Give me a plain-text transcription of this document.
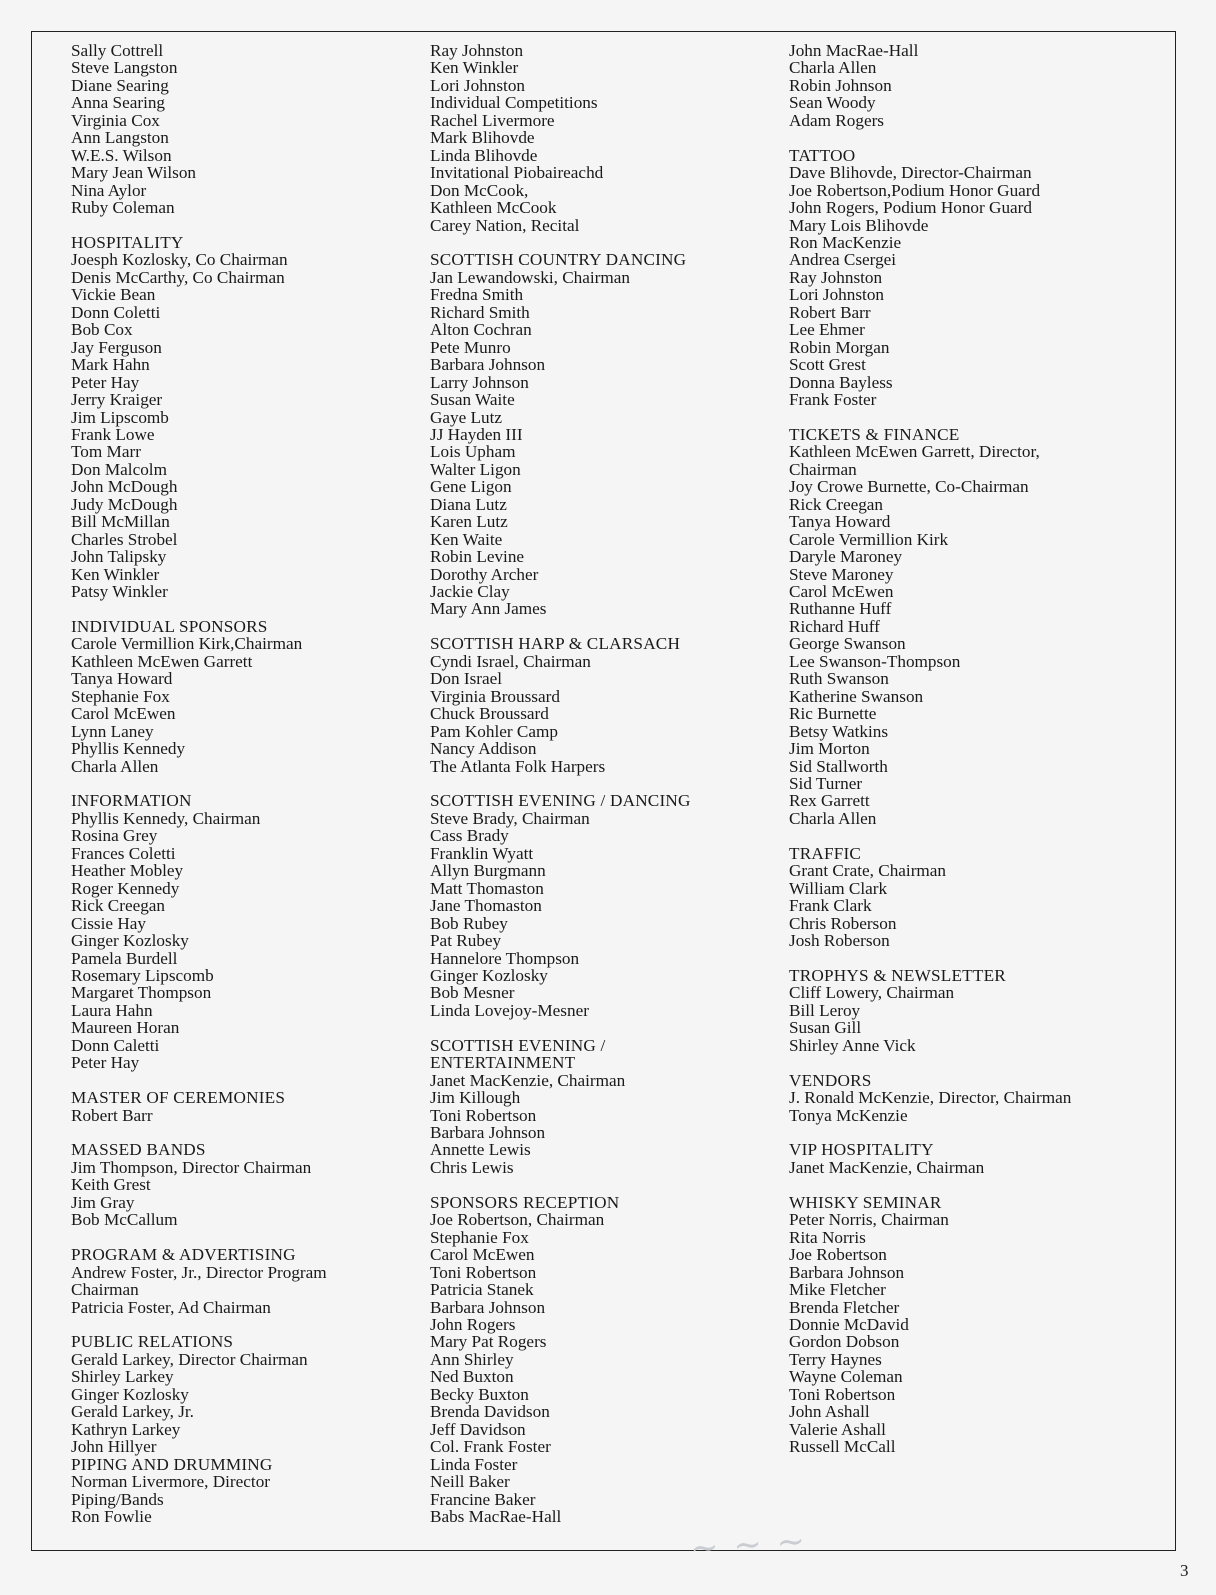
Sally Cottrell
Steve Langston
Diane Searing
Anna Searing
Virginia Cox
Ann Langston
W.E.S. Wilson
Mary Jean Wilson
Nina Aylor
Ruby Coleman
HOSPITALITY
Joesph Kozlosky, Co Chairman
Denis McCarthy, Co Chairman
Vickie Bean
Donn Coletti
Bob Cox
Jay Ferguson
Mark Hahn
Peter Hay
Jerry Kraiger
Jim Lipscomb
Frank Lowe
Tom Marr
Don Malcolm
John McDough
Judy McDough
Bill McMillan
Charles Strobel
John Talipsky
Ken Winkler
Patsy Winkler
INDIVIDUAL SPONSORS
Carole Vermillion Kirk,Chairman
Kathleen McEwen Garrett
Tanya Howard
Stephanie Fox
Carol McEwen
Lynn Laney
Phyllis Kennedy
Charla Allen
INFORMATION
Phyllis Kennedy, Chairman
Rosina Grey
Frances Coletti
Heather Mobley
Roger Kennedy
Rick Creegan
Cissie Hay
Ginger Kozlosky
Pamela Burdell
Rosemary Lipscomb
Margaret Thompson
Laura Hahn
Maureen Horan
Donn Caletti
Peter Hay
MASTER OF CEREMONIES
Robert Barr
MASSED BANDS
Jim Thompson, Director Chairman
Keith Grest
Jim Gray
Bob McCallum
PROGRAM & ADVERTISING
Andrew Foster, Jr., Director Program
Chairman
Patricia Foster, Ad Chairman
PUBLIC RELATIONS
Gerald Larkey, Director Chairman
Shirley Larkey
Ginger Kozlosky
Gerald Larkey, Jr.
Kathryn Larkey
John Hillyer
PIPING AND DRUMMING
Norman Livermore, Director
Piping/Bands
Ron Fowlie
Ray Johnston
Ken Winkler
Lori Johnston
Individual Competitions
Rachel Livermore
Mark Blihovde
Linda Blihovde
Invitational Piobaireachd
Don McCook,
Kathleen McCook
Carey Nation, Recital
SCOTTISH COUNTRY DANCING
Jan Lewandowski, Chairman
Fredna Smith
Richard Smith
Alton Cochran
Pete Munro
Barbara Johnson
Larry Johnson
Susan Waite
Gaye Lutz
JJ Hayden III
Lois Upham
Walter Ligon
Gene Ligon
Diana Lutz
Karen Lutz
Ken Waite
Robin Levine
Dorothy Archer
Jackie Clay
Mary Ann James
SCOTTISH HARP & CLARSACH
Cyndi Israel, Chairman
Don Israel
Virginia Broussard
Chuck Broussard
Pam Kohler Camp
Nancy Addison
The Atlanta Folk Harpers
SCOTTISH EVENING / DANCING
Steve Brady, Chairman
Cass Brady
Franklin Wyatt
Allyn Burgmann
Matt Thomaston
Jane Thomaston
Bob Rubey
Pat Rubey
Hannelore Thompson
Ginger Kozlosky
Bob Mesner
Linda Lovejoy-Mesner
SCOTTISH EVENING /
ENTERTAINMENT
Janet MacKenzie, Chairman
Jim Killough
Toni Robertson
Barbara Johnson
Annette Lewis
Chris Lewis
SPONSORS RECEPTION
Joe Robertson, Chairman
Stephanie Fox
Carol McEwen
Toni Robertson
Patricia Stanek
Barbara Johnson
John Rogers
Mary Pat Rogers
Ann Shirley
Ned Buxton
Becky Buxton
Brenda Davidson
Jeff Davidson
Col. Frank Foster
Linda Foster
Neill Baker
Francine Baker
Babs MacRae-Hall
John MacRae-Hall
Charla Allen
Robin Johnson
Sean Woody
Adam Rogers
TATTOO
Dave Blihovde, Director-Chairman
Joe Robertson,Podium Honor Guard
John Rogers, Podium Honor Guard
Mary Lois Blihovde
Ron MacKenzie
Andrea Csergei
Ray Johnston
Lori Johnston
Robert Barr
Lee Ehmer
Robin Morgan
Scott Grest
Donna Bayless
Frank Foster
TICKETS & FINANCE
Kathleen McEwen Garrett, Director,
Chairman
Joy Crowe Burnette, Co-Chairman
Rick Creegan
Tanya Howard
Carole Vermillion Kirk
Daryle Maroney
Steve Maroney
Carol McEwen
Ruthanne Huff
Richard Huff
George Swanson
Lee Swanson-Thompson
Ruth Swanson
Katherine Swanson
Ric Burnette
Betsy Watkins
Jim Morton
Sid Stallworth
Sid Turner
Rex Garrett
Charla Allen
TRAFFIC
Grant Crate, Chairman
William Clark
Frank Clark
Chris Roberson
Josh Roberson
TROPHYS & NEWSLETTER
Cliff Lowery, Chairman
Bill Leroy
Susan Gill
Shirley Anne Vick
VENDORS
J. Ronald McKenzie, Director, Chairman
Tonya McKenzie
VIP HOSPITALITY
Janet MacKenzie, Chairman
WHISKY SEMINAR
Peter Norris, Chairman
Rita Norris
Joe Robertson
Barbara Johnson
Mike Fletcher
Brenda Fletcher
Donnie McDavid
Gordon Dobson
Terry Haynes
Wayne Coleman
Toni Robertson
John Ashall
Valerie Ashall
Russell McCall
~ ~ ~
3
